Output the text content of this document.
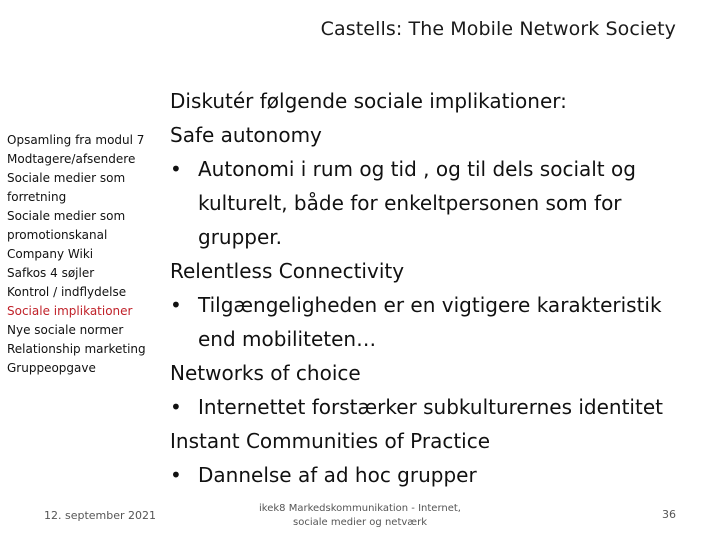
Castells: The Mobile Network Society
Opsamling fra modul 7
Modtagere/afsendere
Sociale medier som forretning
Sociale medier som promotionskanal
Company Wiki
Safkos 4 søjler
Kontrol / indflydelse
Sociale implikationer
Nye sociale normer
Relationship marketing
Gruppeopgave
Diskutér følgende sociale implikationer:
Safe autonomy
• Autonomi i rum og tid , og til dels socialt og kulturelt, både for enkeltpersonen som for grupper.
Relentless Connectivity
• Tilgængeligheden er en vigtigere karakteristik end mobiliteten…
Networks of choice
• Internettet forstærker subkulturernes identitet
Instant Communities of Practice
• Dannelse af ad hoc grupper
12. september 2021
ikek8 Markedskommunikation - Internet, sociale medier og netværk
36
